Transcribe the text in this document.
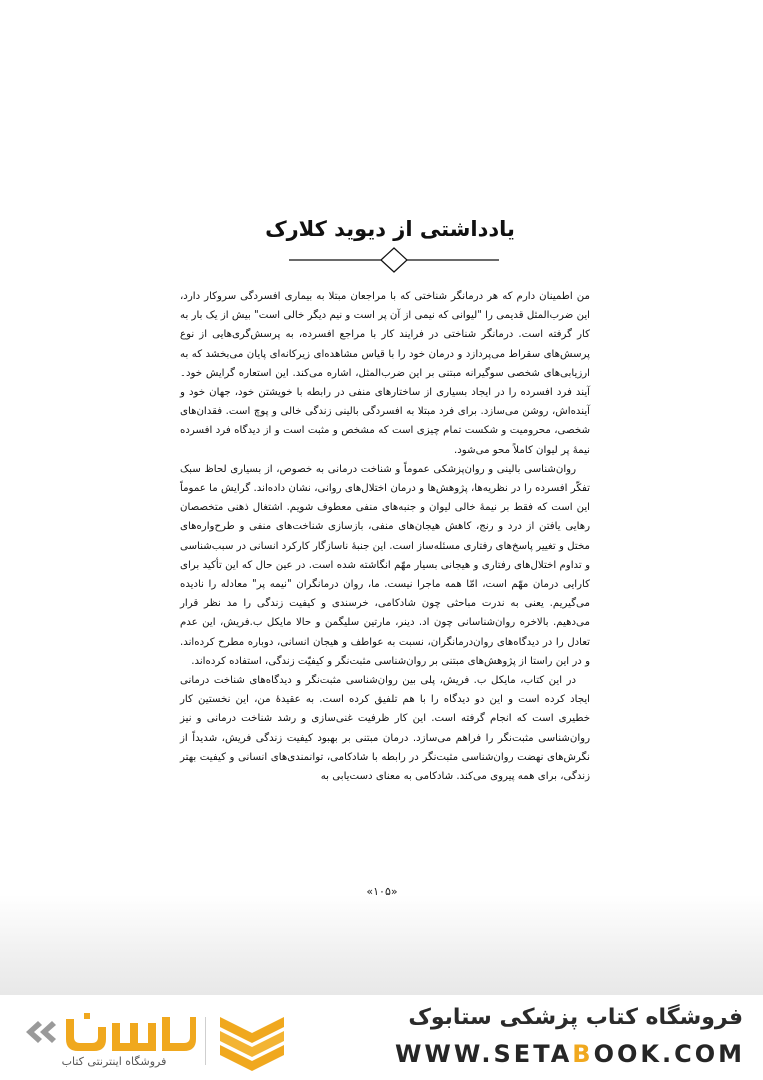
یادداشتی از دیوید کلارک

من اطمینان دارم که هر درمانگر شناختی که با مراجعان مبتلا به بیماری افسردگی سروکار دارد، این ضرب‌المثل قدیمی را "لیوانی که نیمی از آن پر است و نیم دیگر خالی است" بیش از یک بار به کار گرفته است. درمانگر شناختی در فرایند کار با مراجع افسرده، به پرسش‌گری‌هایی از نوع پرسش‌های سقراط می‌پردازد و درمان خود را با قیاس مشاهده‌ای زیرکانه‌ای پایان می‌بخشد که به ارزیابی‌های شخصی سوگیرانه مبتنی بر این ضرب‌المثل، اشاره می‌کند. این استعاره گرایش خود۔آیند فرد افسرده را در ایجاد بسیاری از ساختارهای منفی در رابطه با خویشتن خود، جهان خود و آینده‌اش، روشن می‌سازد. برای فرد مبتلا به افسردگی بالینی زندگی خالی و پوچ است. فقدان‌های شخصی، محرومیت و شکست تمام چیزی است که مشخص و مثبت است و از دیدگاه فرد افسرده نیمهٔ پر لیوان کاملاً محو می‌شود.

روان‌شناسی بالینی و روان‌پزشکی عموماً و شناخت درمانی به خصوص، از بسیاری لحاظ سبک تفکّر افسرده را در نظریه‌ها، پژوهش‌ها و درمان اختلال‌های روانی، نشان داده‌اند. گرایش ما عموماً این است که فقط بر نیمهٔ خالی لیوان و جنبه‌های منفی معطوف شویم. اشتغال ذهنی متخصصان رهایی یافتن از درد و رنج، کاهش هیجان‌های منفی، بازسازی شناخت‌های منفی و طرح‌واره‌های مختل و تغییر پاسخ‌های رفتاری مسئله‌ساز است. این جنبهٔ ناسازگار کارکرد انسانی در سبب‌شناسی و تداوم اختلال‌های رفتاری و هیجانی بسیار مهّم انگاشته شده است. در عین حال که این تأکید برای کارایی درمان مهّم است، امّا همه ماجرا نیست. ما، روان درمانگران "نیمه پر" معادله را نادیده می‌گیریم. یعنی به ندرت مباحثی چون شادکامی، خرسندی و کیفیت زندگی را مد نظر قرار می‌دهیم. بالاخره روان‌شناسانی چون اد. دینر، مارتین سلیگمن و حالا مایکل ب.فریش، این عدم تعادل را در دیدگاه‌های روان‌درمانگران، نسبت به عواطف و هیجان انسانی، دوباره مطرح کرده‌اند. و در این راستا از پژوهش‌های مبتنی بر روان‌شناسی مثبت‌نگر و کیفیّت زندگی، استفاده کرده‌اند.

در این کتاب، مایکل ب. فریش، پلی بین روان‌شناسی مثبت‌نگر و دیدگاه‌های شناخت درمانی ایجاد کرده است و این دو دیدگاه را با هم تلفیق کرده است. به عقیدهٔ من، این نخستین کار خطیری است که انجام گرفته است. این کار ظرفیت غنی‌سازی و رشد شناخت درمانی و نیز روان‌شناسی مثبت‌نگر را فراهم می‌سازد. درمان مبتنی بر بهبود کیفیت زندگی فریش، شدیداً از نگرش‌های نهضت روان‌شناسی مثبت‌نگر در رابطه با شادکامی، توانمندی‌های انسانی و کیفیت بهتر زندگی، برای همه پیروی می‌کند. شادکامی به معنای دست‌یابی به

«۱۰۵»
فروشگاه کتاب پزشکی ستابوک
WWW.SETABOOK.COM
فروشگاه اینترنتی کتاب
